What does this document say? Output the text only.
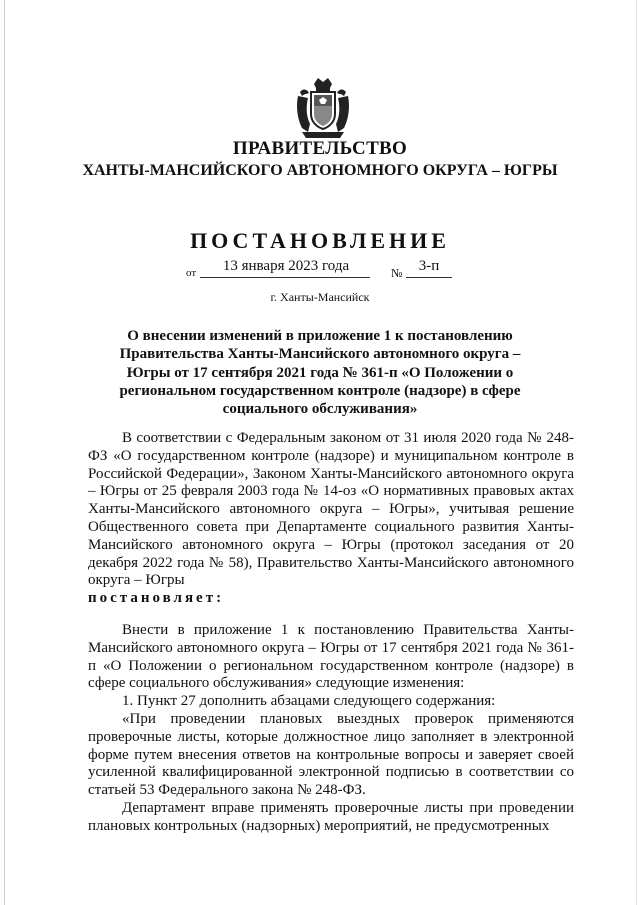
ПРАВИТЕЛЬСТВО
ХАНТЫ-МАНСИЙСКОГО АВТОНОМНОГО ОКРУГА – ЮГРЫ
ПОСТАНОВЛЕНИЕ
от	13 января 2023 года	№	3-п
г. Ханты-Мансийск
О внесении изменений в приложение 1 к постановлению Правительства Ханты-Мансийского автономного округа – Югры от 17 сентября 2021 года № 361-п «О Положении о региональном государственном контроле (надзоре) в сфере социального обслуживания»

В соответствии с Федеральным законом от 31 июля 2020 года № 248-ФЗ «О государственном контроле (надзоре) и муниципальном контроле в Российской Федерации», Законом Ханты-Мансийского автономного округа – Югры от 25 февраля 2003 года № 14-оз «О нормативных правовых актах Ханты-Мансийского автономного округа – Югры», учитывая решение Общественного совета при Департаменте социального развития Ханты-Мансийского автономного округа – Югры (протокол заседания от 20 декабря 2022 года № 58), Правительство Ханты-Мансийского автономного округа – Югры
постановляет:

Внести в приложение 1 к постановлению Правительства Ханты-Мансийского автономного округа – Югры от 17 сентября 2021 года № 361-п «О Положении о региональном государственном контроле (надзоре) в сфере социального обслуживания» следующие изменения:

1. Пункт 27 дополнить абзацами следующего содержания:

«При проведении плановых выездных проверок применяются проверочные листы, которые должностное лицо заполняет в электронной форме путем внесения ответов на контрольные вопросы и заверяет своей усиленной квалифицированной электронной подписью в соответствии со статьей 53 Федерального закона № 248-ФЗ.

Департамент вправе применять проверочные листы при проведении плановых контрольных (надзорных) мероприятий, не предусмотренных
